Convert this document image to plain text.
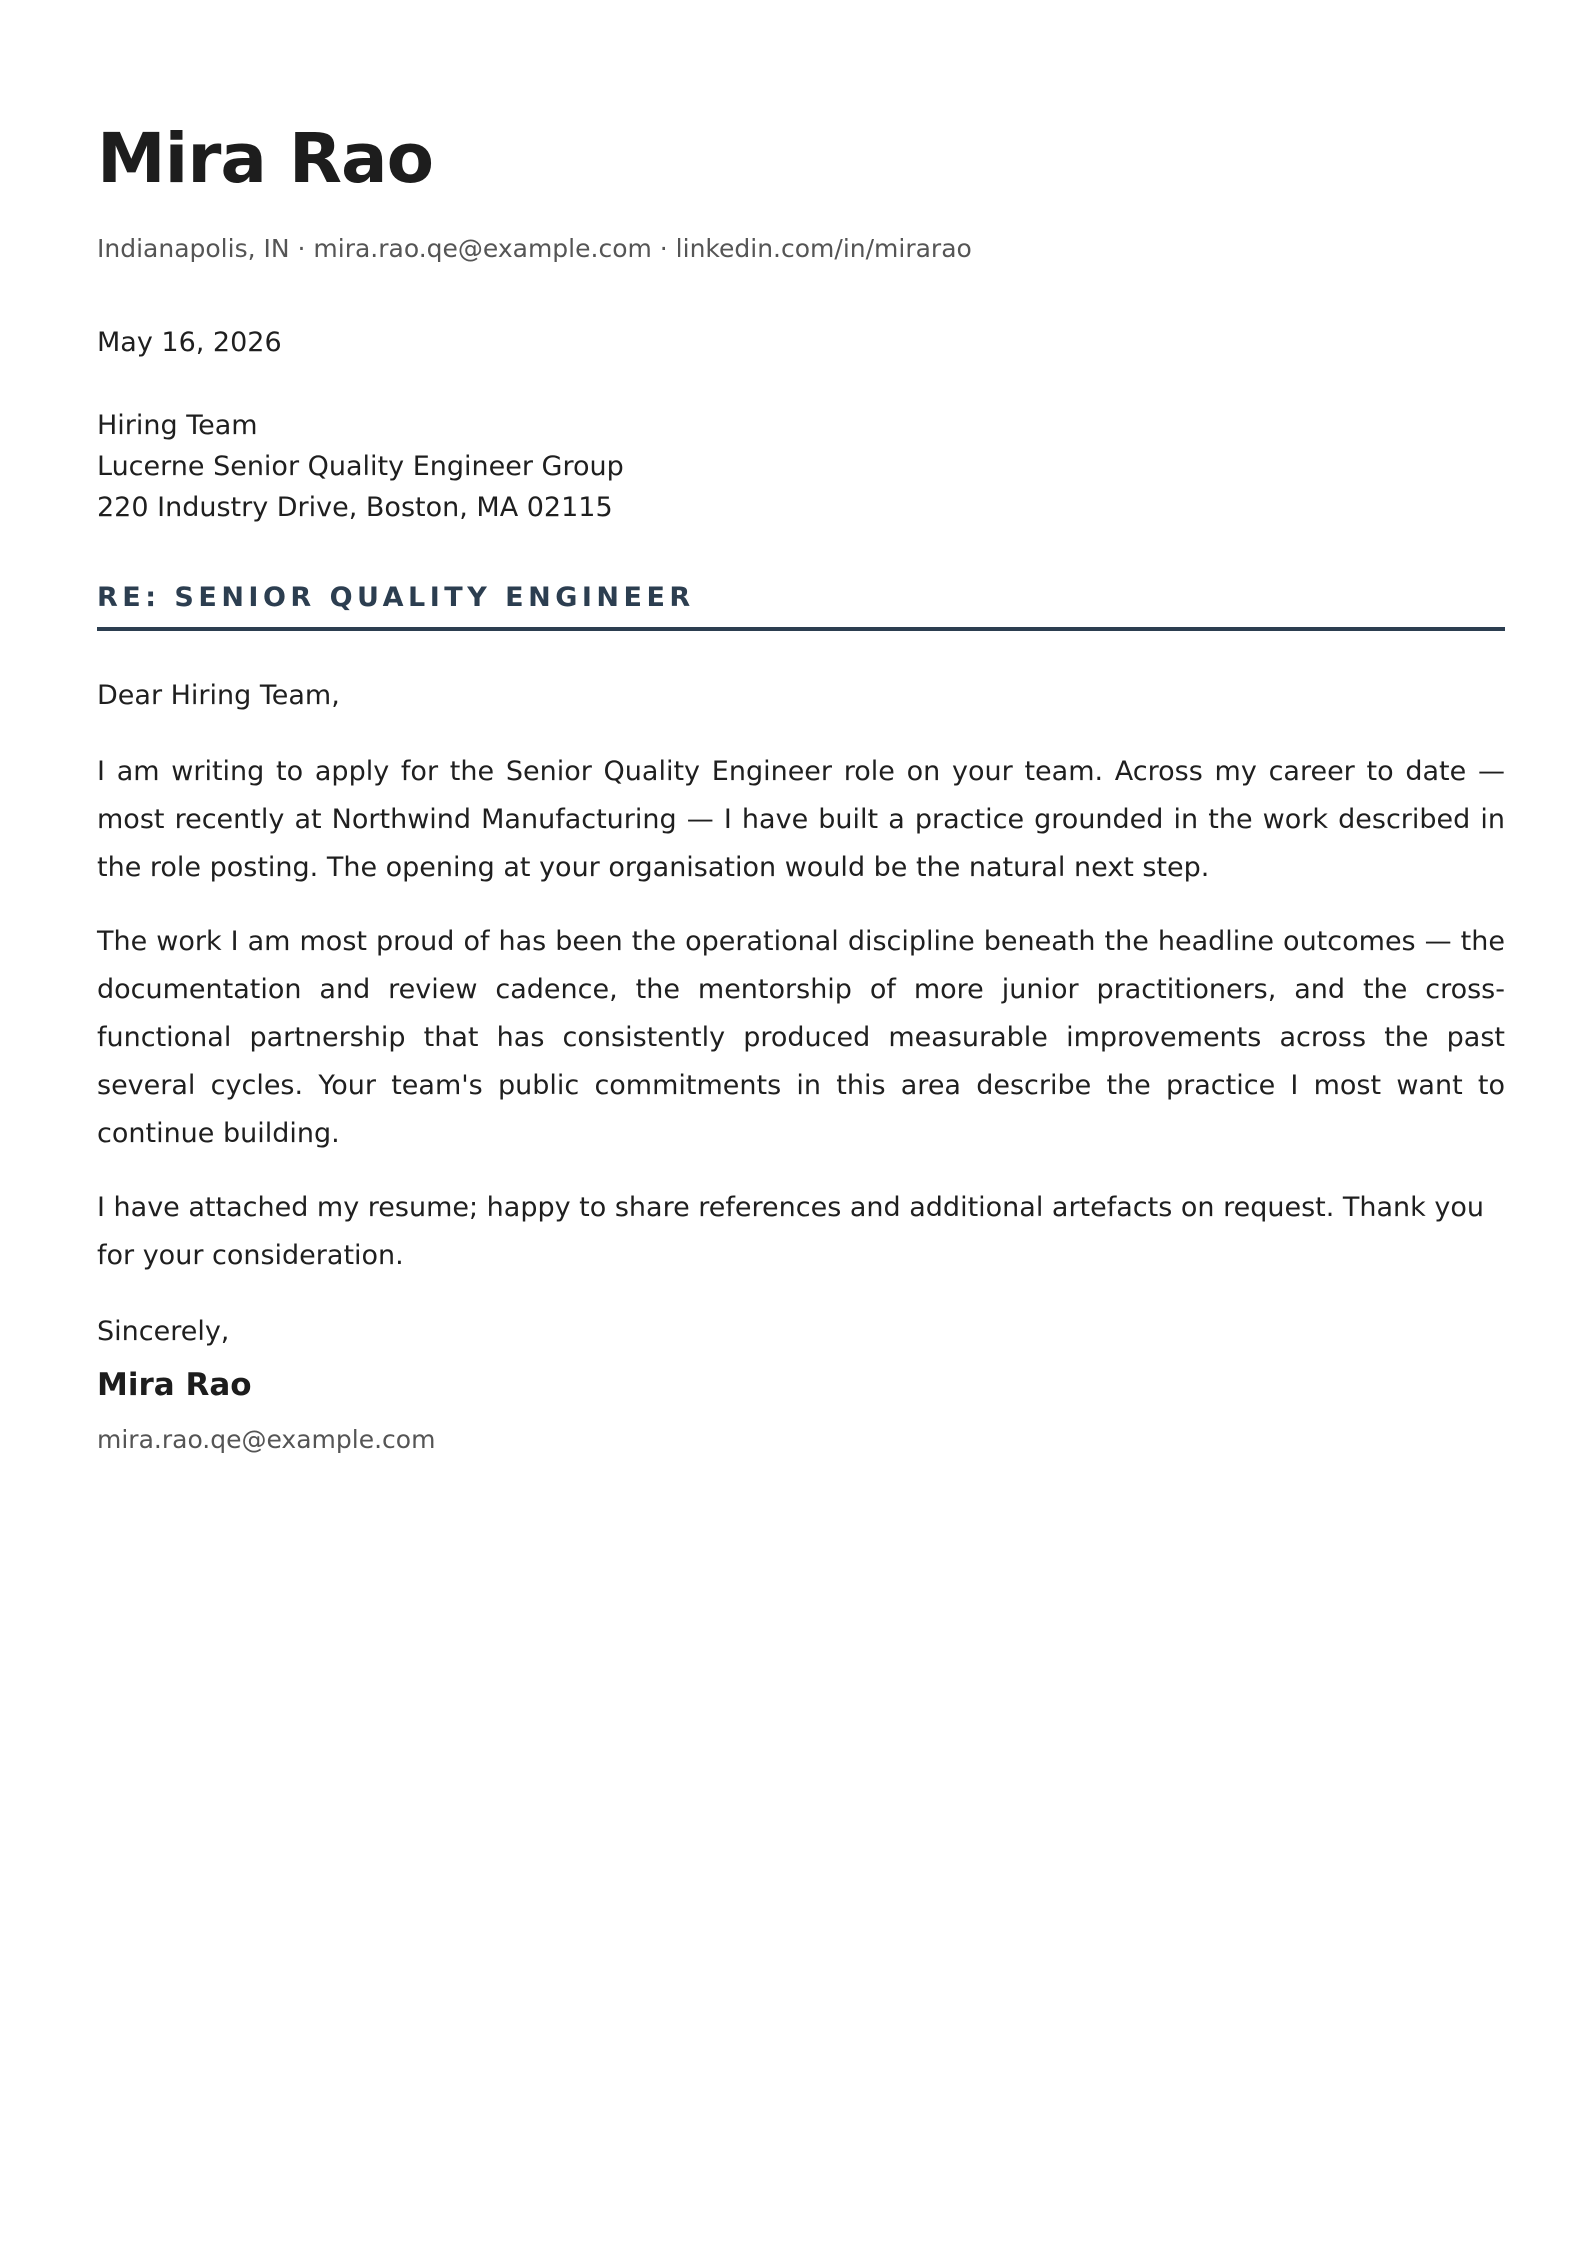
Mira Rao
Indianapolis, IN · mira.rao.qe@example.com · linkedin.com/in/mirarao
May 16, 2026
Hiring Team
Lucerne Senior Quality Engineer Group
220 Industry Drive, Boston, MA 02115
RE: SENIOR QUALITY ENGINEER

Dear Hiring Team,

I am writing to apply for the Senior Quality Engineer role on your team. Across my career to date — most recently at Northwind Manufacturing — I have built a practice grounded in the work described in the role posting. The opening at your organisation would be the natural next step.

The work I am most proud of has been the operational discipline beneath the headline outcomes — the documentation and review cadence, the mentorship of more junior practitioners, and the cross-functional partnership that has consistently produced measurable improvements across the past several cycles. Your team's public commitments in this area describe the practice I most want to continue building.

I have attached my resume; happy to share references and additional artefacts on request. Thank you for your consideration.

Sincerely,

Mira Rao
mira.rao.qe@example.com
